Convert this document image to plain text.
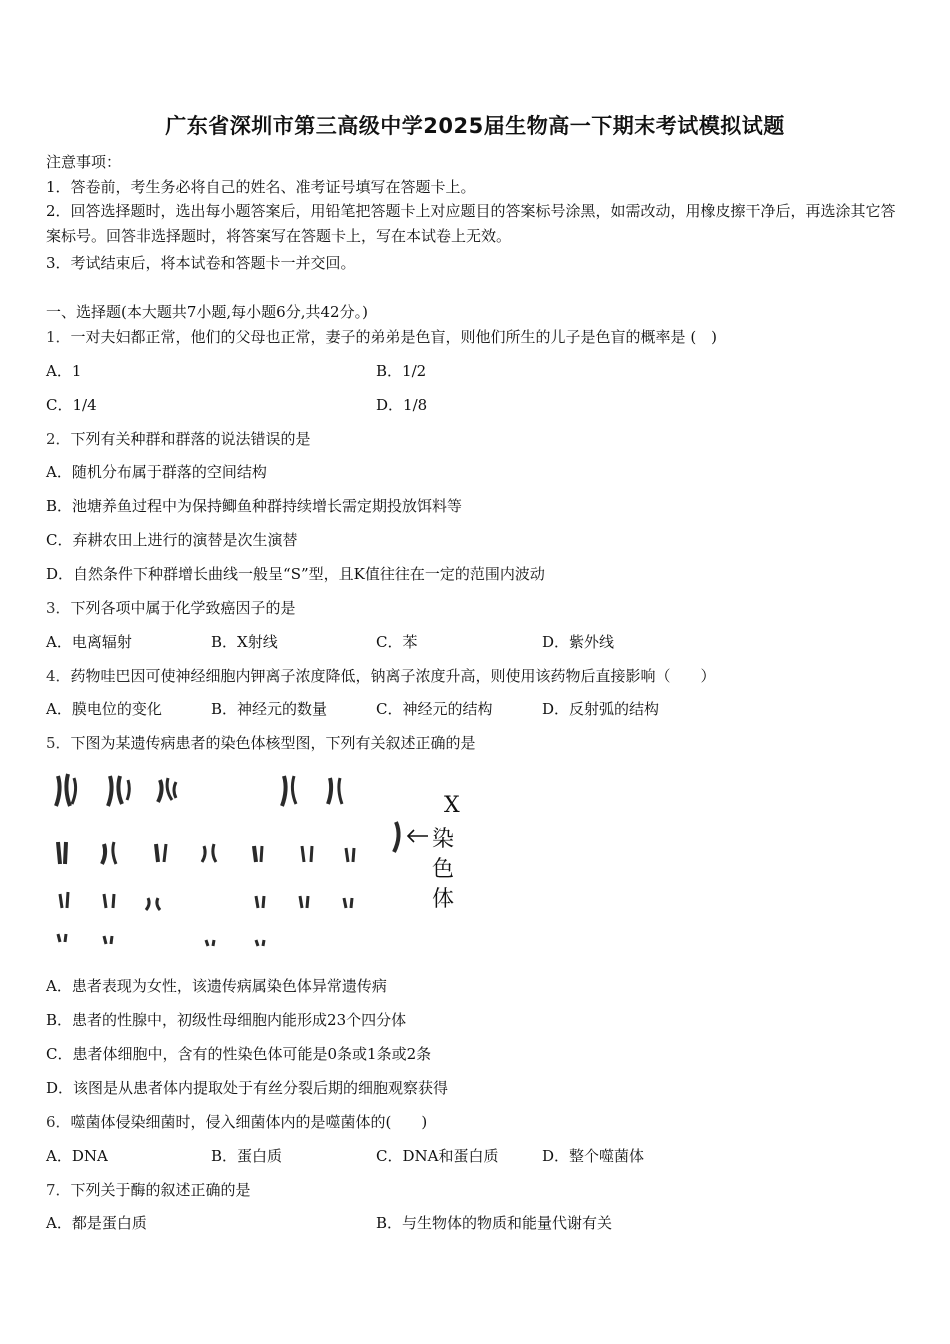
广东省深圳市第三高级中学2025届生物高一下期末考试模拟试题
注意事项：
1．答卷前，考生务必将自己的姓名、准考证号填写在答题卡上。
2．回答选择题时，选出每小题答案后，用铅笔把答题卡上对应题目的答案标号涂黑，如需改动，用橡皮擦干净后，再选涂其它答案标号。回答非选择题时，将答案写在答题卡上，写在本试卷上无效。
3．考试结束后，将本试卷和答题卡一并交回。
一、选择题(本大题共7小题,每小题6分,共42分。)
1．一对夫妇都正常，他们的父母也正常，妻子的弟弟是色盲，则他们所生的儿子是色盲的概率是 (　)
A．1	B．1/2
C．1/4	D．1/8
2．下列有关种群和群落的说法错误的是
A．随机分布属于群落的空间结构
B．池塘养鱼过程中为保持鲫鱼种群持续增长需定期投放饵料等
C．弃耕农田上进行的演替是次生演替
D．自然条件下种群增长曲线一般呈“S”型，且K值往往在一定的范围内波动
3．下列各项中属于化学致癌因子的是
A．电离辐射	B．X射线	C．苯	D．紫外线
4．药物哇巴因可使神经细胞内钾离子浓度降低，钠离子浓度升高，则使用该药物后直接影响（　　）
A．膜电位的变化	B．神经元的数量	C．神经元的结构	D．反射弧的结构
5．下图为某遗传病患者的染色体核型图，下列有关叙述正确的是
X
染
色
体
A．患者表现为女性，该遗传病属染色体异常遗传病
B．患者的性腺中，初级性母细胞内能形成23个四分体
C．患者体细胞中，含有的性染色体可能是0条或1条或2条
D．该图是从患者体内提取处于有丝分裂后期的细胞观察获得
6．噬菌体侵染细菌时，侵入细菌体内的是噬菌体的(　　)
A．DNA	B．蛋白质	C．DNA和蛋白质	D．整个噬菌体
7．下列关于酶的叙述正确的是
A．都是蛋白质	B．与生物体的物质和能量代谢有关
